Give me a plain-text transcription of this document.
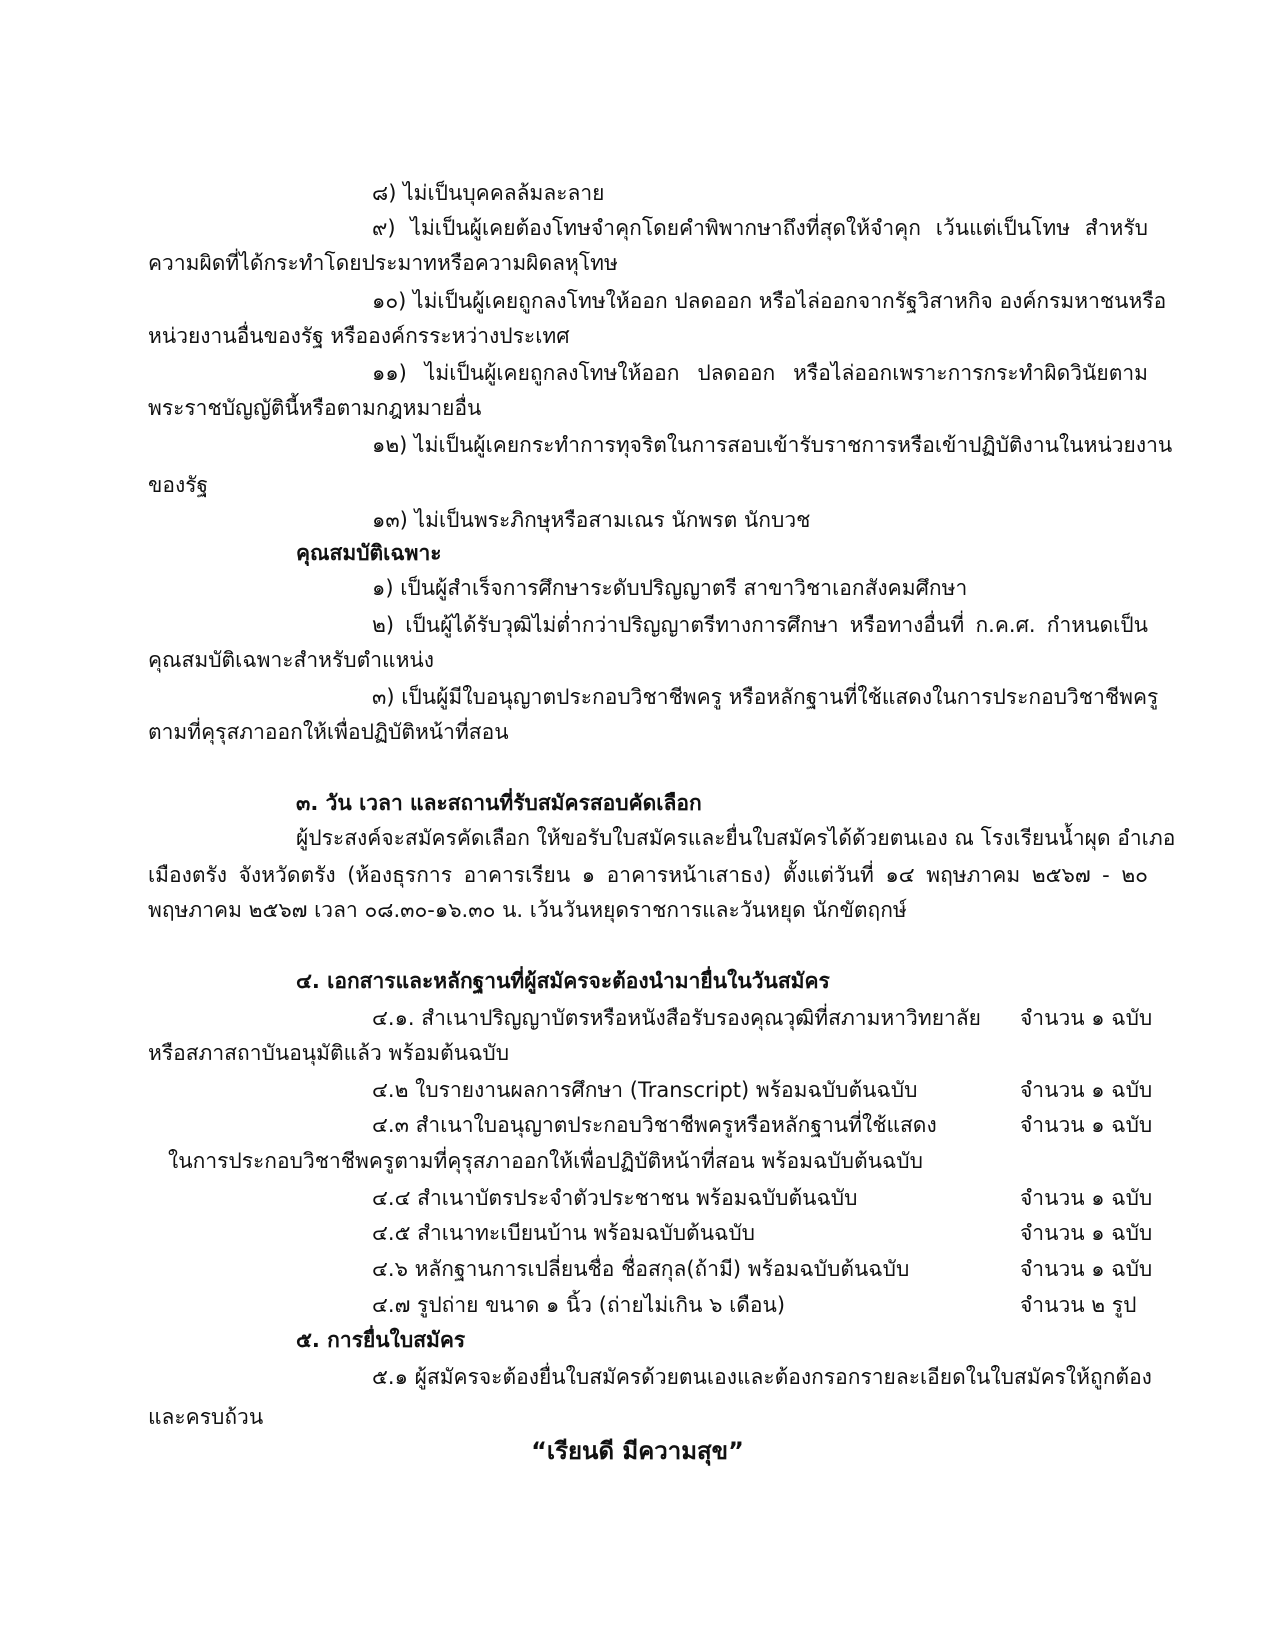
๘) ไม่เป็นบุคคลล้มละลาย
๙) ไม่เป็นผู้เคยต้องโทษจำคุกโดยคำพิพากษาถึงที่สุดให้จำคุก เว้นแต่เป็นโทษ สำหรับ
ความผิดที่ได้กระทำโดยประมาทหรือความผิดลหุโทษ
๑๐) ไม่เป็นผู้เคยถูกลงโทษให้ออก ปลดออก หรือไล่ออกจากรัฐวิสาหกิจ องค์กรมหาชนหรือ
หน่วยงานอื่นของรัฐ หรือองค์กรระหว่างประเทศ
๑๑) ไม่เป็นผู้เคยถูกลงโทษให้ออก ปลดออก หรือไล่ออกเพราะการกระทำผิดวินัยตาม
พระราชบัญญัตินี้หรือตามกฎหมายอื่น
๑๒) ไม่เป็นผู้เคยกระทำการทุจริตในการสอบเข้ารับราชการหรือเข้าปฏิบัติงานในหน่วยงาน
ของรัฐ
๑๓) ไม่เป็นพระภิกษุหรือสามเณร นักพรต นักบวช
คุณสมบัติเฉพาะ
๑) เป็นผู้สำเร็จการศึกษาระดับปริญญาตรี สาขาวิชาเอกสังคมศึกษา
๒) เป็นผู้ได้รับวุฒิไม่ต่ำกว่าปริญญาตรีทางการศึกษา หรือทางอื่นที่ ก.ค.ศ. กำหนดเป็น
คุณสมบัติเฉพาะสำหรับตำแหน่ง
๓) เป็นผู้มีใบอนุญาตประกอบวิชาชีพครู หรือหลักฐานที่ใช้แสดงในการประกอบวิชาชีพครู
ตามที่คุรุสภาออกให้เพื่อปฏิบัติหน้าที่สอน
๓. วัน เวลา และสถานที่รับสมัครสอบคัดเลือก
ผู้ประสงค์จะสมัครคัดเลือก ให้ขอรับใบสมัครและยื่นใบสมัครได้ด้วยตนเอง ณ โรงเรียนน้ำผุด อำเภอ
เมืองตรัง จังหวัดตรัง (ห้องธุรการ อาคารเรียน ๑ อาคารหน้าเสาธง) ตั้งแต่วันที่ ๑๔ พฤษภาคม ๒๕๖๗ - ๒๐
พฤษภาคม ๒๕๖๗ เวลา ๐๘.๓๐-๑๖.๓๐ น. เว้นวันหยุดราชการและวันหยุด นักขัตฤกษ์
๔. เอกสารและหลักฐานที่ผู้สมัครจะต้องนำมายื่นในวันสมัคร
๔.๑. สำเนาปริญญาบัตรหรือหนังสือรับรองคุณวุฒิที่สภามหาวิทยาลัย จำนวน ๑ ฉบับ
หรือสภาสถาบันอนุมัติแล้ว พร้อมต้นฉบับ
๔.๒ ใบรายงานผลการศึกษา (Transcript) พร้อมฉบับต้นฉบับ	จำนวน ๑ ฉบับ
๔.๓ สำเนาใบอนุญาตประกอบวิชาชีพครูหรือหลักฐานที่ใช้แสดง	จำนวน ๑ ฉบับ
ในการประกอบวิชาชีพครูตามที่คุรุสภาออกให้เพื่อปฏิบัติหน้าที่สอน พร้อมฉบับต้นฉบับ
๔.๔ สำเนาบัตรประจำตัวประชาชน พร้อมฉบับต้นฉบับ	จำนวน ๑ ฉบับ
๔.๕ สำเนาทะเบียนบ้าน พร้อมฉบับต้นฉบับ	จำนวน ๑ ฉบับ
๔.๖ หลักฐานการเปลี่ยนชื่อ ชื่อสกุล(ถ้ามี) พร้อมฉบับต้นฉบับ	จำนวน ๑ ฉบับ
๔.๗ รูปถ่าย ขนาด ๑ นิ้ว (ถ่ายไม่เกิน ๖ เดือน)	จำนวน ๒ รูป
๕. การยื่นใบสมัคร
๕.๑ ผู้สมัครจะต้องยื่นใบสมัครด้วยตนเองและต้องกรอกรายละเอียดในใบสมัครให้ถูกต้อง
และครบถ้วน
“เรียนดี มีความสุข”
